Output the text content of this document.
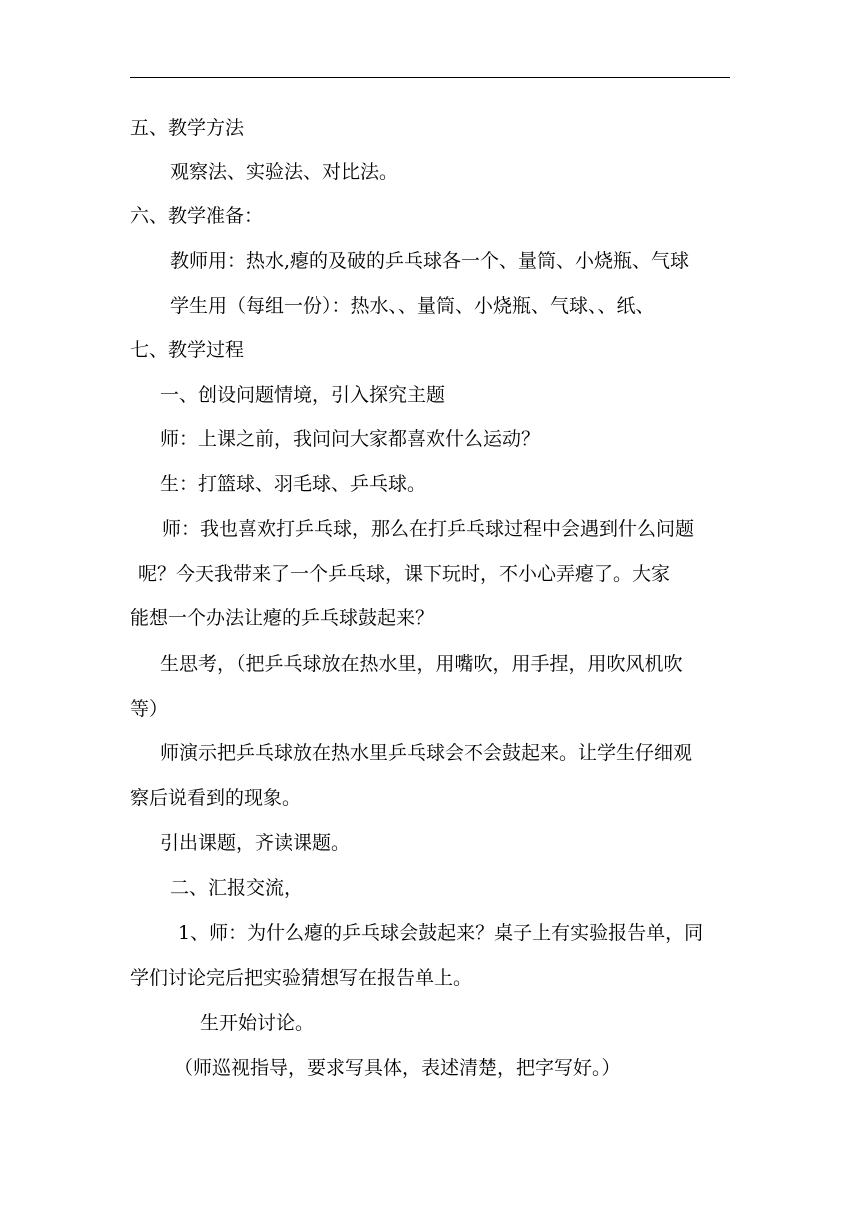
五、教学方法
观察法、实验法、对比法。
六、教学准备：
教师用：热水,瘪的及破的乒乓球各一个、量筒、小烧瓶、气球
学生用（每组一份）：热水、、量筒、小烧瓶、气球、、纸、
七、教学过程
一、创设问题情境，引入探究主题
师：上课之前，我问问大家都喜欢什么运动？
生：打篮球、羽毛球、乒乓球。
师：我也喜欢打乒乓球，那么在打乒乓球过程中会遇到什么问题
呢？今天我带来了一个乒乓球，课下玩时，不小心弄瘪了。大家
能想一个办法让瘪的乒乓球鼓起来？
生思考，（把乒乓球放在热水里，用嘴吹，用手捏，用吹风机吹
等）
师演示把乒乓球放在热水里乒乓球会不会鼓起来。让学生仔细观
察后说看到的现象。
引出课题，齐读课题。
二、汇报交流，
1、师：为什么瘪的乒乓球会鼓起来？桌子上有实验报告单，同
学们讨论完后把实验猜想写在报告单上。
生开始讨论。
（师巡视指导，要求写具体，表述清楚，把字写好。）
